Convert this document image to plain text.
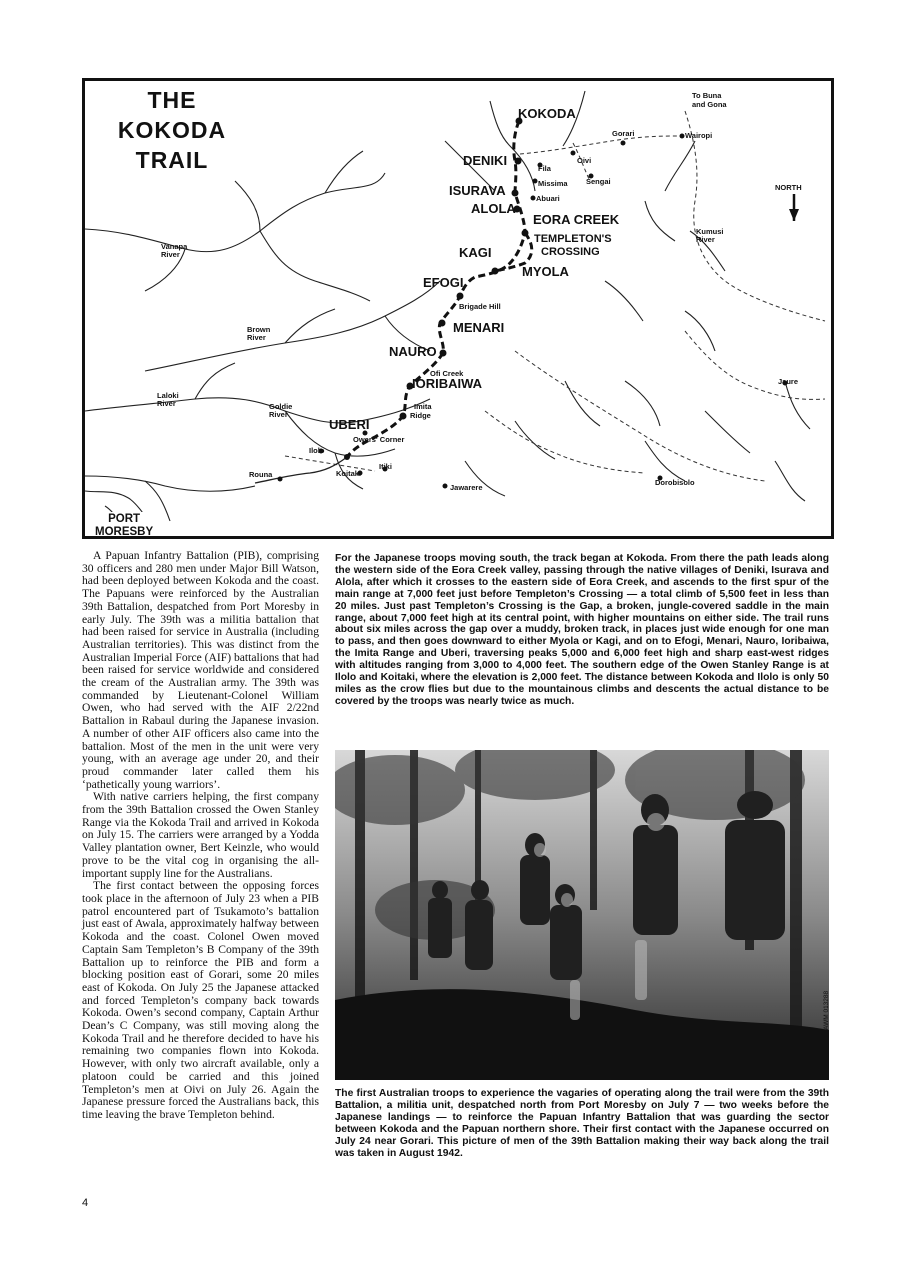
THE
KOKODA
TRAIL
KOKODA
DENIKI
ISURAVA
ALOLA
EORA CREEK
TEMPLETON'S
CROSSING
KAGI
MYOLA
EFOGI
MENARI
NAURO
IORIBAIWA
UBERI
To Buna
and Gona
Gorari	Wairopi
Oivi
Fila
Missima Sengai
Abuari
Brigade Hill
Ofi Creek
Imita
Ridge
Owers' Corner
Ilolo
Koitaki
Itiki
Rouna
Jawarere
Dorobisolo
Jaure
Vanapa
River
Brown
River
Laloki
River	Goldie
River
Kumusi
River
NORTH
PORT
MORESBY

A Papuan Infantry Battalion (PIB), comprising 30 officers and 280 men under Major Bill Watson, had been deployed between Kokoda and the coast. The Papuans were reinforced by the Australian 39th Battalion, despatched from Port Moresby in early July. The 39th was a militia battalion that had been raised for service in Australia (including Australian territories). This was distinct from the Australian Imperial Force (AIF) battalions that had been raised for service worldwide and considered the cream of the Australian army. The 39th was commanded by Lieutenant-Colonel William Owen, who had served with the AIF 2/22nd Battalion in Rabaul during the Japanese invasion. A number of other AIF officers also came into the battalion. Most of the men in the unit were very young, with an average age under 20, and their proud commander later called them his ‘pathetically young warriors’.

With native carriers helping, the first company from the 39th Battalion crossed the Owen Stanley Range via the Kokoda Trail and arrived in Kokoda on July 15. The carriers were arranged by a Yodda Valley plantation owner, Bert Keinzle, who would prove to be the vital cog in organising the all-important supply line for the Australians.

The first contact between the opposing forces took place in the afternoon of July 23 when a PIB patrol encountered part of Tsukamoto’s battalion just east of Awala, approximately halfway between Kokoda and the coast. Colonel Owen moved Captain Sam Templeton’s B Company of the 39th Battalion up to reinforce the PIB and form a blocking position east of Gorari, some 20 miles east of Kokoda. On July 25 the Japanese attacked and forced Templeton’s company back towards Kokoda. Owen’s second company, Captain Arthur Dean’s C Company, was still moving along the Kokoda Trail and he therefore decided to have his remaining two companies flown into Kokoda. However, with only two aircraft available, only a platoon could be carried and this joined Templeton’s men at Oivi on July 26. Again the Japanese pressure forced the Australians back, this time leaving the brave Templeton behind.

For the Japanese troops moving south, the track began at Kokoda. From there the path leads along the western side of the Eora Creek valley, passing through the native villages of Deniki, Isurava and Alola, after which it crosses to the eastern side of Eora Creek, and ascends to the first spur of the main range at 7,000 feet just before Templeton’s Crossing — a total climb of 5,500 feet in less than 20 miles. Just past Templeton’s Crossing is the Gap, a broken, jungle-covered saddle in the main range, about 7,000 feet high at its central point, with higher mountains on either side. The trail runs about six miles across the gap over a muddy, broken track, in places just wide enough for one man to pass, and then goes downward to either Myola or Kagi, and on to Efogi, Menari, Nauro, Ioribaiwa, the Imita Range and Uberi, traversing peaks 5,000 and 6,000 feet high and sharp east-west ridges with altitudes ranging from 3,000 to 4,000 feet. The southern edge of the Owen Stanley Range is at Ilolo and Koitaki, where the elevation is 2,000 feet. The distance between Kokoda and Ilolo is only 50 miles as the crow flies but due to the mountainous climbs and descents the actual distance to be covered by the troops was nearly twice as much.

AWM 013288

The first Australian troops to experience the vagaries of operating along the trail were from the 39th Battalion, a militia unit, despatched north from Port Moresby on July 7 — two weeks before the Japanese landings — to reinforce the Papuan Infantry Battalion that was guarding the sector between Kokoda and the Papuan northern shore. Their first contact with the Japanese occurred on July 24 near Gorari. This picture of men of the 39th Battalion making their way back along the trail was taken in August 1942.

4
